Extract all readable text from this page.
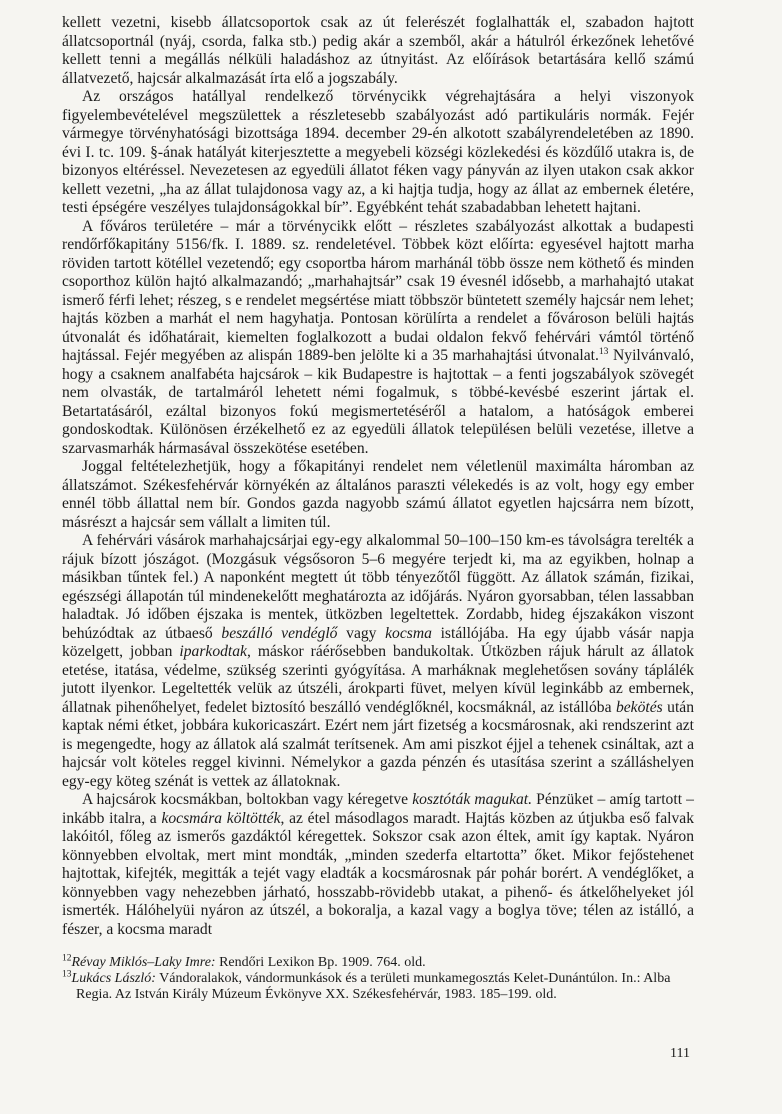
kellett vezetni, kisebb állatcsoportok csak az út felerészét foglalhatták el, szabadon hajtott állatcsoportnál (nyáj, csorda, falka stb.) pedig akár a szemből, akár a hátulról érkezőnek lehetővé kellett tenni a megállás nélküli haladáshoz az útnyitást. Az előírások betartására kellő számú állatvezető, hajcsár alkalmazását írta elő a jogszabály.

Az országos hatállyal rendelkező törvénycikk végrehajtására a helyi viszonyok figyelembevételével megszülettek a részletesebb szabályozást adó partikuláris normák. Fejér vármegye törvényhatósági bizottsága 1894. december 29-én alkotott szabályrendeletében az 1890. évi I. tc. 109. §-ának hatályát kiterjesztette a megyebeli községi közlekedési és közdűlő utakra is, de bizonyos eltéréssel. Nevezetesen az egyedüli állatot féken vagy pányván az ilyen utakon csak akkor kellett vezetni, „ha az állat tulajdonosa vagy az, a ki hajtja tudja, hogy az állat az embernek életére, testi épségére veszélyes tulajdonságokkal bír”. Egyébként tehát szabadabban lehetett hajtani.

A főváros területére – már a törvénycikk előtt – részletes szabályozást alkottak a budapesti rendőrfőkapitány 5156/fk. I. 1889. sz. rendeletével. Többek közt előírta: egyesével hajtott marha röviden tartott kötéllel vezetendő; egy csoportba három marhánál több össze nem köthető és minden csoporthoz külön hajtó alkalmazandó; „marhahajtsár” csak 19 évesnél idősebb, a marhahajtó utakat ismerő férfi lehet; részeg, s e rendelet megsértése miatt többször büntetett személy hajcsár nem lehet; hajtás közben a marhát el nem hagyhatja. Pontosan körülírta a rendelet a fővároson belüli hajtás útvonalát és időhatárait, kiemelten foglalkozott a budai oldalon fekvő fehérvári vámtól történő hajtással. Fejér megyében az alispán 1889-ben jelölte ki a 35 marhahajtási útvonalat.$^{13}$ Nyilvánvaló, hogy a csaknem analfabéta hajcsárok – kik Budapestre is hajtottak – a fenti jogszabályok szövegét nem olvasták, de tartalmáról lehetett némi fogalmuk, s többé-kevésbé eszerint jártak el. Betartatásáról, ezáltal bizonyos fokú megismertetéséről a hatalom, a hatóságok emberei gondoskodtak. Különösen érzékelhető ez az egyedüli állatok településen belüli vezetése, illetve a szarvasmarhák hármasával összekötése esetében.

Joggal feltételezhetjük, hogy a főkapitányi rendelet nem véletlenül maximálta háromban az állatszámot. Székesfehérvár környékén az általános paraszti vélekedés is az volt, hogy egy ember ennél több állattal nem bír. Gondos gazda nagyobb számú állatot egyetlen hajcsárra nem bízott, másrészt a hajcsár sem vállalt a limiten túl.

A fehérvári vásárok marhahajcsárjai egy-egy alkalommal 50–100–150 km-es távolságra terelték a rájuk bízott jószágot. (Mozgásuk végsősoron 5–6 megyére terjedt ki, ma az egyikben, holnap a másikban tűntek fel.) A naponként megtett út több tényezőtől függött. Az állatok számán, fizikai, egészségi állapotán túl mindenekelőtt meghatározta az időjárás. Nyáron gyorsabban, télen lassabban haladtak. Jó időben éjszaka is mentek, ütközben legeltettek. Zordabb, hideg éjszakákon viszont behúzódtak az útbaeső beszálló vendéglő vagy kocsma istállójába. Ha egy újabb vásár napja közelgett, jobban iparkodtak, máskor ráérősebben bandukoltak. Útközben rájuk hárult az állatok etetése, itatása, védelme, szükség szerinti gyógyítása. A marháknak meglehetősen sovány táplálék jutott ilyenkor. Legeltették velük az útszéli, árokparti füvet, melyen kívül leginkább az embernek, állatnak pihenőhelyet, fedelet biztosító beszálló vendéglőknél, kocsmáknál, az istállóba bekötés után kaptak némi étket, jobbára kukoricaszárt. Ezért nem járt fizetség a kocsmárosnak, aki rendszerint azt is megengedte, hogy az állatok alá szalmát terítsenek. Am ami piszkot éjjel a tehenek csináltak, azt a hajcsár volt köteles reggel kivinni. Némelykor a gazda pénzén és utasítása szerint a szálláshelyen egy-egy köteg szénát is vettek az állatoknak.

A hajcsárok kocsmákban, boltokban vagy kéregetve kosztóták magukat. Pénzüket – amíg tartott – inkább italra, a kocsmára költötték, az étel másodlagos maradt. Hajtás közben az útjukba eső falvak lakóitól, főleg az ismerős gazdáktól kéregettek. Sokszor csak azon éltek, amit így kaptak. Nyáron könnyebben elvoltak, mert mint mondták, „minden szederfa eltartotta” őket. Mikor fejőstehenet hajtottak, kifejték, megitták a tejét vagy eladták a kocsmárosnak pár pohár borért. A vendéglőket, a könnyebben vagy nehezebben járható, hosszabb-rövidebb utakat, a pihenő- és átkelőhelyeket jól ismerték. Hálóhelyüi nyáron az útszél, a bokoralja, a kazal vagy a boglya töve; télen az istálló, a fészer, a kocsma maradt

$^{12}$Révay Miklós–Laky Imre: Rendőri Lexikon Bp. 1909. 764. old.

$^{13}$Lukács László: Vándoralakok, vándormunkások és a területi munkamegosztás Kelet-Dunántúlon. In.: Alba Regia. Az István Király Múzeum Évkönyve XX. Székesfehérvár, 1983. 185–199. old.

111
